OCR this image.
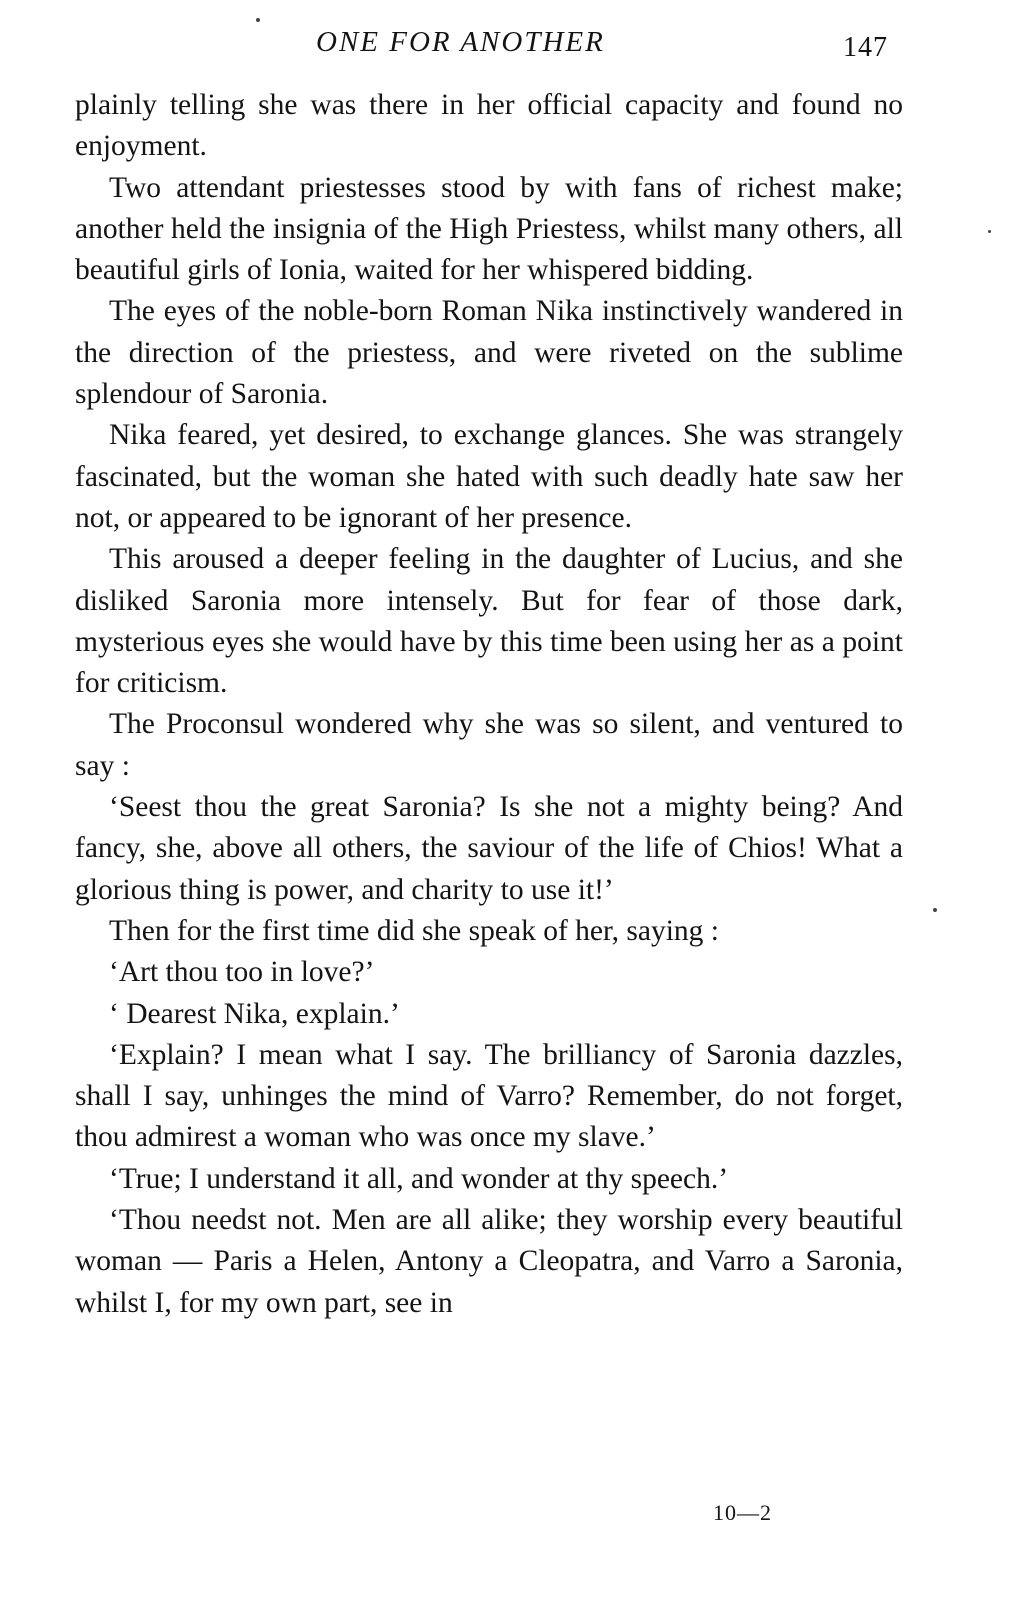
ONE FOR ANOTHER	147

plainly telling she was there in her official capacity and found no enjoyment.

Two attendant priestesses stood by with fans of richest make; another held the insignia of the High Priestess, whilst many others, all beautiful girls of Ionia, waited for her whispered bidding.

The eyes of the noble-born Roman Nika instinctively wandered in the direction of the priestess, and were riveted on the sublime splendour of Saronia.

Nika feared, yet desired, to exchange glances. She was strangely fascinated, but the woman she hated with such deadly hate saw her not, or appeared to be ignorant of her presence.

This aroused a deeper feeling in the daughter of Lucius, and she disliked Saronia more intensely. But for fear of those dark, mysterious eyes she would have by this time been using her as a point for criticism.

The Proconsul wondered why she was so silent, and ventured to say :

‘Seest thou the great Saronia? Is she not a mighty being? And fancy, she, above all others, the saviour of the life of Chios! What a glorious thing is power, and charity to use it!’

Then for the first time did she speak of her, saying :

‘Art thou too in love?’

‘ Dearest Nika, explain.’

‘Explain? I mean what I say. The brilliancy of Saronia dazzles, shall I say, unhinges the mind of Varro? Remember, do not forget, thou admirest a woman who was once my slave.’

‘True; I understand it all, and wonder at thy speech.’

‘Thou needst not. Men are all alike; they worship every beautiful woman — Paris a Helen, Antony a Cleopatra, and Varro a Saronia, whilst I, for my own part, see in

10—2
